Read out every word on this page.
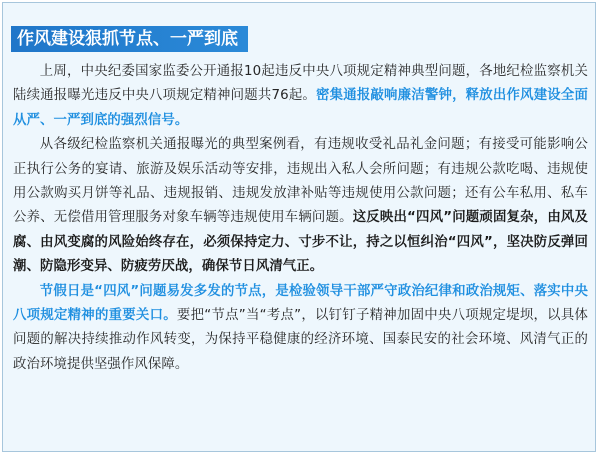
作风建设狠抓节点、一严到底

上周，中央纪委国家监委公开通报10起违反中央八项规定精神典型问题，各地纪检监察机关陆续通报曝光违反中央八项规定精神问题共76起。密集通报敲响廉洁警钟，释放出作风建设全面从严、一严到底的强烈信号。

从各级纪检监察机关通报曝光的典型案例看，有违规收受礼品礼金问题；有接受可能影响公正执行公务的宴请、旅游及娱乐活动等安排，违规出入私人会所问题；有违规公款吃喝、违规使用公款购买月饼等礼品、违规报销、违规发放津补贴等违规使用公款问题；还有公车私用、私车公养、无偿借用管理服务对象车辆等违规使用车辆问题。这反映出“四风”问题顽固复杂，由风及腐、由风变腐的风险始终存在，必须保持定力、寸步不让，持之以恒纠治“四风”，坚决防反弹回潮、防隐形变异、防疲劳厌战，确保节日风清气正。

节假日是“四风”问题易发多发的节点，是检验领导干部严守政治纪律和政治规矩、落实中央八项规定精神的重要关口。要把“节点”当“考点”，以钉钉子精神加固中央八项规定堤坝，以具体问题的解决持续推动作风转变，为保持平稳健康的经济环境、国泰民安的社会环境、风清气正的政治环境提供坚强作风保障。
